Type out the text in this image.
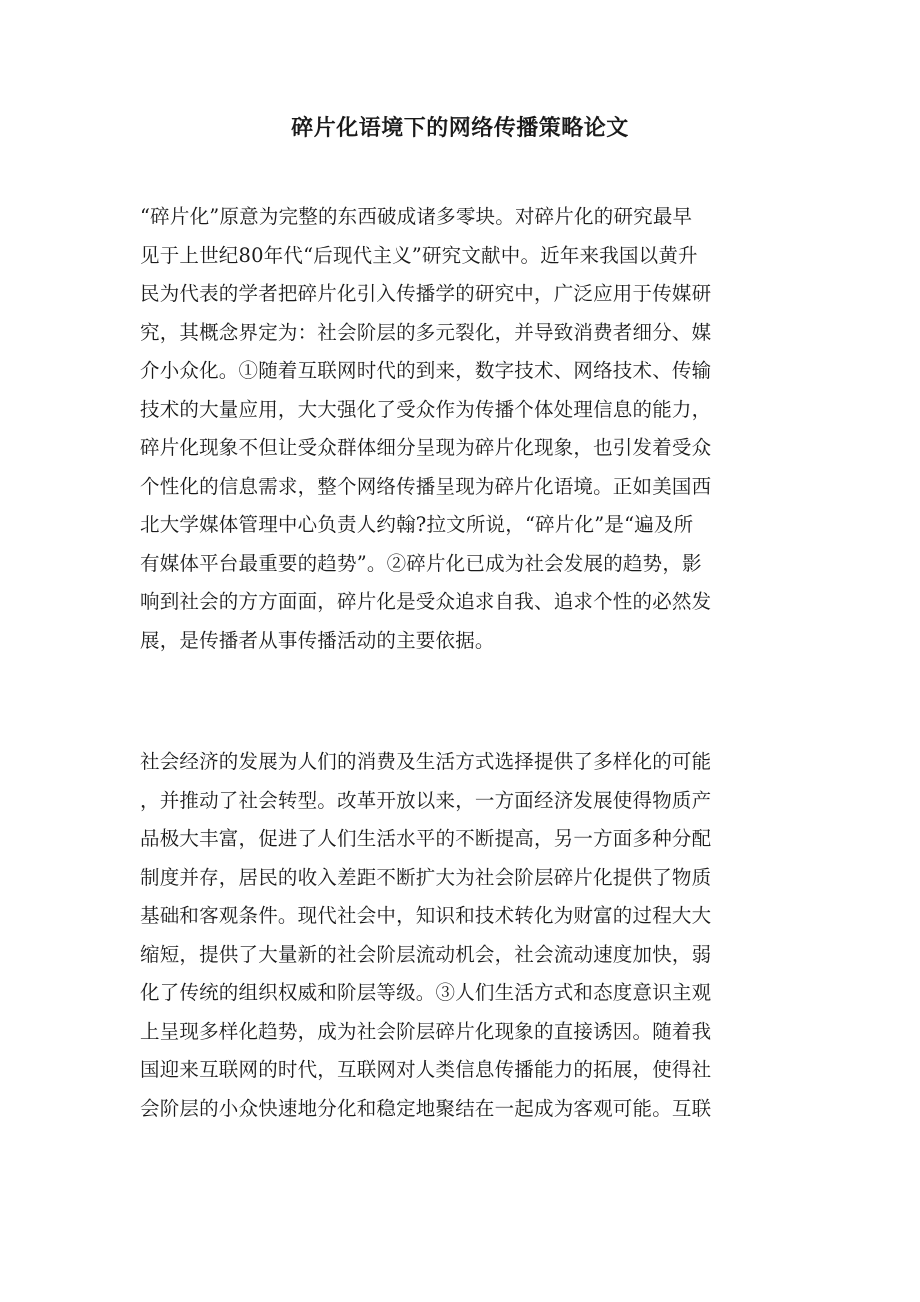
碎片化语境下的网络传播策略论文
“碎片化”原意为完整的东西破成诸多零块。对碎片化的研究最早
见于上世纪80年代“后现代主义”研究文献中。近年来我国以黄升
民为代表的学者把碎片化引入传播学的研究中，广泛应用于传媒研
究，其概念界定为：社会阶层的多元裂化，并导致消费者细分、媒
介小众化。①随着互联网时代的到来，数字技术、网络技术、传输
技术的大量应用，大大强化了受众作为传播个体处理信息的能力，
碎片化现象不但让受众群体细分呈现为碎片化现象，也引发着受众
个性化的信息需求，整个网络传播呈现为碎片化语境。正如美国西
北大学媒体管理中心负责人约翰?拉文所说，“碎片化”是“遍及所
有媒体平台最重要的趋势”。②碎片化已成为社会发展的趋势，影
响到社会的方方面面，碎片化是受众追求自我、追求个性的必然发
展，是传播者从事传播活动的主要依据。
社会经济的发展为人们的消费及生活方式选择提供了多样化的可能
，并推动了社会转型。改革开放以来，一方面经济发展使得物质产
品极大丰富，促进了人们生活水平的不断提高，另一方面多种分配
制度并存，居民的收入差距不断扩大为社会阶层碎片化提供了物质
基础和客观条件。现代社会中，知识和技术转化为财富的过程大大
缩短，提供了大量新的社会阶层流动机会，社会流动速度加快，弱
化了传统的组织权威和阶层等级。③人们生活方式和态度意识主观
上呈现多样化趋势，成为社会阶层碎片化现象的直接诱因。随着我
国迎来互联网的时代，互联网对人类信息传播能力的拓展，使得社
会阶层的小众快速地分化和稳定地聚结在一起成为客观可能。互联
